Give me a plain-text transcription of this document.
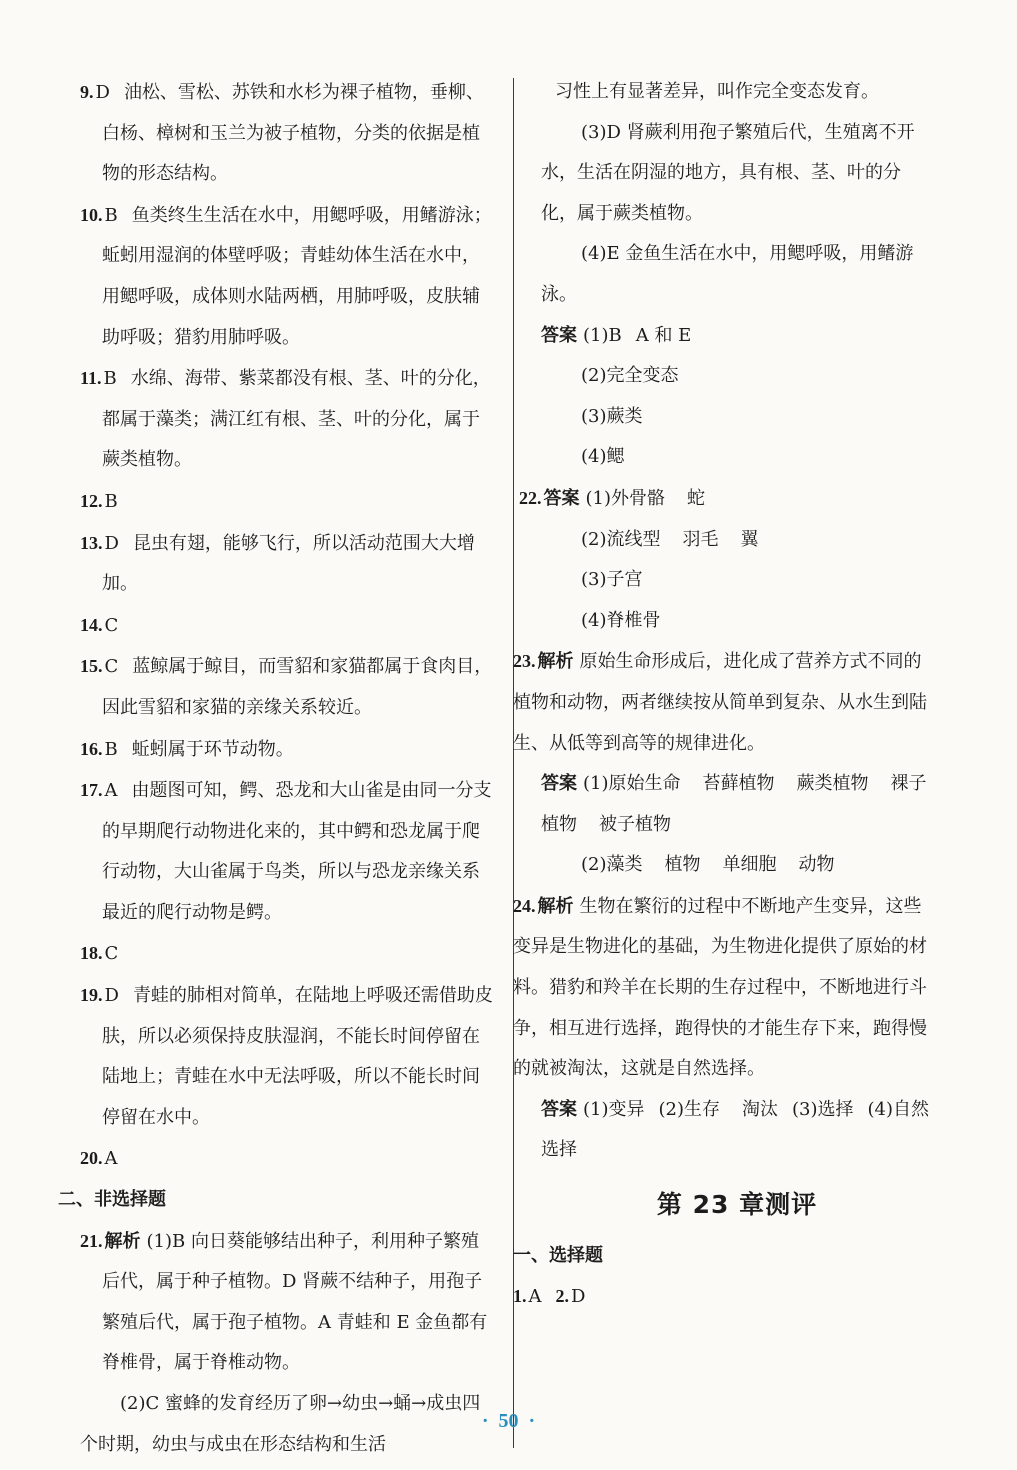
9. D 油松、雪松、苏铁和水杉为裸子植物，垂柳、白杨、樟树和玉兰为被子植物，分类的依据是植物的形态结构。

10. B 鱼类终生生活在水中，用鳃呼吸，用鳍游泳；蚯蚓用湿润的体壁呼吸；青蛙幼体生活在水中，用鳃呼吸，成体则水陆两栖，用肺呼吸，皮肤辅助呼吸；猎豹用肺呼吸。

11. B 水绵、海带、紫菜都没有根、茎、叶的分化，都属于藻类；满江红有根、茎、叶的分化，属于蕨类植物。

12. B

13. D 昆虫有翅，能够飞行，所以活动范围大大增加。

14. C

15. C 蓝鲸属于鲸目，而雪貂和家猫都属于食肉目，因此雪貂和家猫的亲缘关系较近。

16. B 蚯蚓属于环节动物。

17. A 由题图可知，鳄、恐龙和大山雀是由同一分支的早期爬行动物进化来的，其中鳄和恐龙属于爬行动物，大山雀属于鸟类，所以与恐龙亲缘关系最近的爬行动物是鳄。

18. C

19. D 青蛙的肺相对简单，在陆地上呼吸还需借助皮肤，所以必须保持皮肤湿润，不能长时间停留在陆地上；青蛙在水中无法呼吸，所以不能长时间停留在水中。

20. A

二、非选择题

21. 解析 (1)B 向日葵能够结出种子，利用种子繁殖后代，属于种子植物。D 肾蕨不结种子，用孢子繁殖后代，属于孢子植物。A 青蛙和 E 金鱼都有脊椎骨，属于脊椎动物。

(2)C 蜜蜂的发育经历了卵→幼虫→蛹→成虫四个时期，幼虫与成虫在形态结构和生活

习性上有显著差异，叫作完全变态发育。

(3)D 肾蕨利用孢子繁殖后代，生殖离不开水，生活在阴湿的地方，具有根、茎、叶的分化，属于蕨类植物。

(4)E 金鱼生活在水中，用鳃呼吸，用鳍游泳。

答案 (1)B A 和 E

(2)完全变态

(3)蕨类

(4)鳃

22. 答案 (1)外骨骼 蛇

(2)流线型 羽毛 翼

(3)子宫

(4)脊椎骨

23. 解析 原始生命形成后，进化成了营养方式不同的植物和动物，两者继续按从简单到复杂、从水生到陆生、从低等到高等的规律进化。

答案 (1)原始生命 苔藓植物 蕨类植物 裸子植物 被子植物

(2)藻类 植物 单细胞 动物

24. 解析 生物在繁衍的过程中不断地产生变异，这些变异是生物进化的基础，为生物进化提供了原始的材料。猎豹和羚羊在长期的生存过程中，不断地进行斗争，相互进行选择，跑得快的才能生存下来，跑得慢的就被淘汰，这就是自然选择。

答案 (1)变异 (2)生存 淘汰 (3)选择 (4)自然选择

第 23 章测评

一、选择题

1. A 2. D

· 50 ·
